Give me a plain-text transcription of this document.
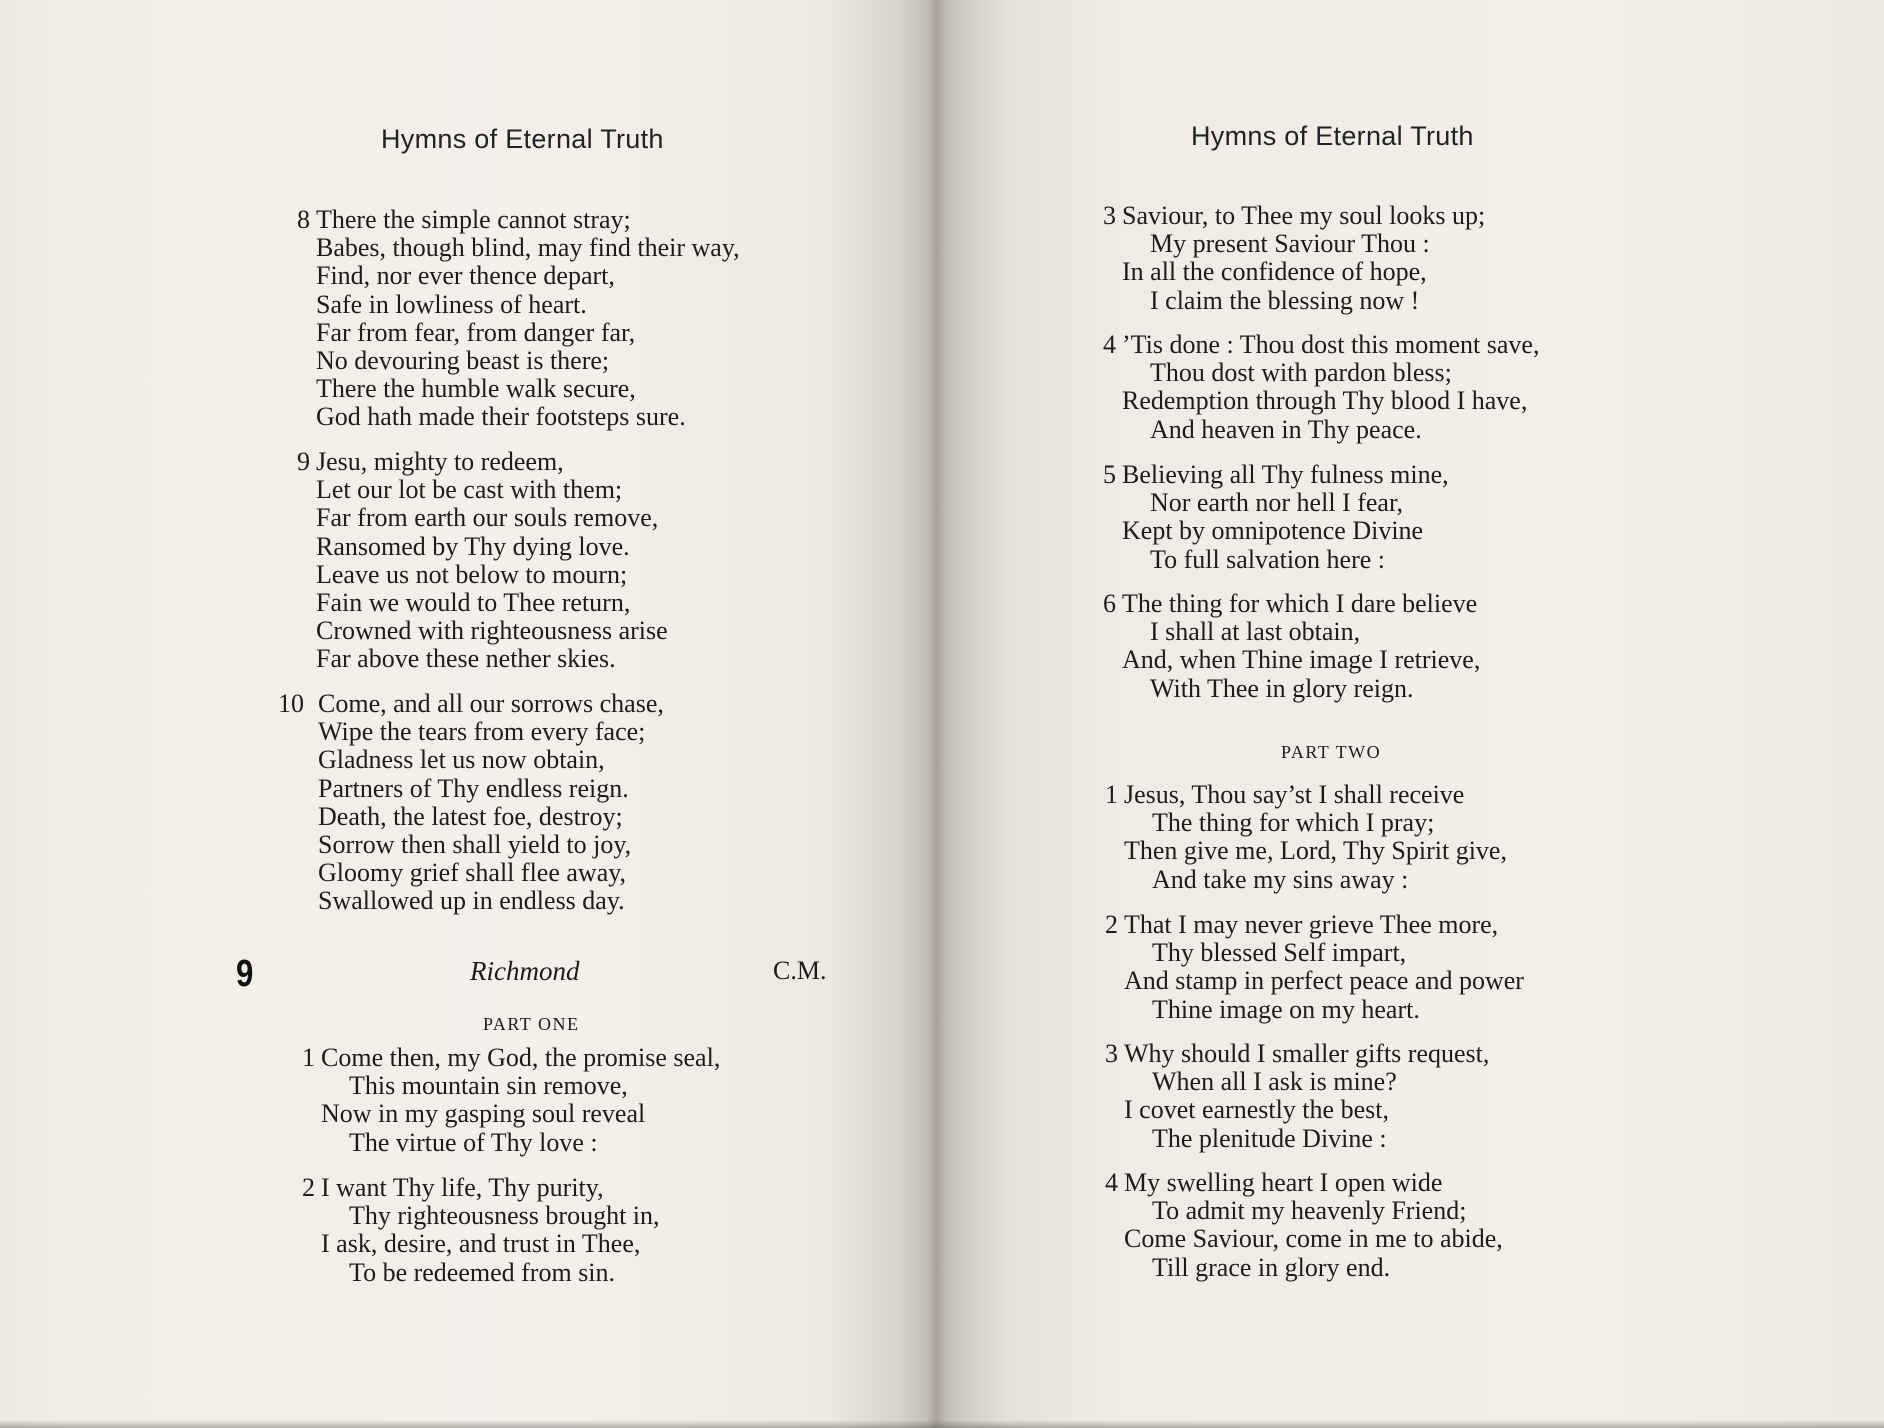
Hymns of Eternal Truth
8 There the simple cannot stray;
Babes, though blind, may find their way,
Find, nor ever thence depart,
Safe in lowliness of heart.
Far from fear, from danger far,
No devouring beast is there;
There the humble walk secure,
God hath made their footsteps sure.
9 Jesu, mighty to redeem,
Let our lot be cast with them;
Far from earth our souls remove,
Ransomed by Thy dying love.
Leave us not below to mourn;
Fain we would to Thee return,
Crowned with righteousness arise
Far above these nether skies.
10 Come, and all our sorrows chase,
Wipe the tears from every face;
Gladness let us now obtain,
Partners of Thy endless reign.
Death, the latest foe, destroy;
Sorrow then shall yield to joy,
Gloomy grief shall flee away,
Swallowed up in endless day.
9	Richmond	C.M.
PART ONE
1 Come then, my God, the promise seal,
This mountain sin remove,
Now in my gasping soul reveal
The virtue of Thy love :
2 I want Thy life, Thy purity,
Thy righteousness brought in,
I ask, desire, and trust in Thee,
To be redeemed from sin.
Hymns of Eternal Truth
3 Saviour, to Thee my soul looks up;
My present Saviour Thou :
In all the confidence of hope,
I claim the blessing now !
4 ’Tis done : Thou dost this moment save,
Thou dost with pardon bless;
Redemption through Thy blood I have,
And heaven in Thy peace.
5 Believing all Thy fulness mine,
Nor earth nor hell I fear,
Kept by omnipotence Divine
To full salvation here :
6 The thing for which I dare believe
I shall at last obtain,
And, when Thine image I retrieve,
With Thee in glory reign.
PART TWO
1 Jesus, Thou say’st I shall receive
The thing for which I pray;
Then give me, Lord, Thy Spirit give,
And take my sins away :
2 That I may never grieve Thee more,
Thy blessed Self impart,
And stamp in perfect peace and power
Thine image on my heart.
3 Why should I smaller gifts request,
When all I ask is mine?
I covet earnestly the best,
The plenitude Divine :
4 My swelling heart I open wide
To admit my heavenly Friend;
Come Saviour, come in me to abide,
Till grace in glory end.
